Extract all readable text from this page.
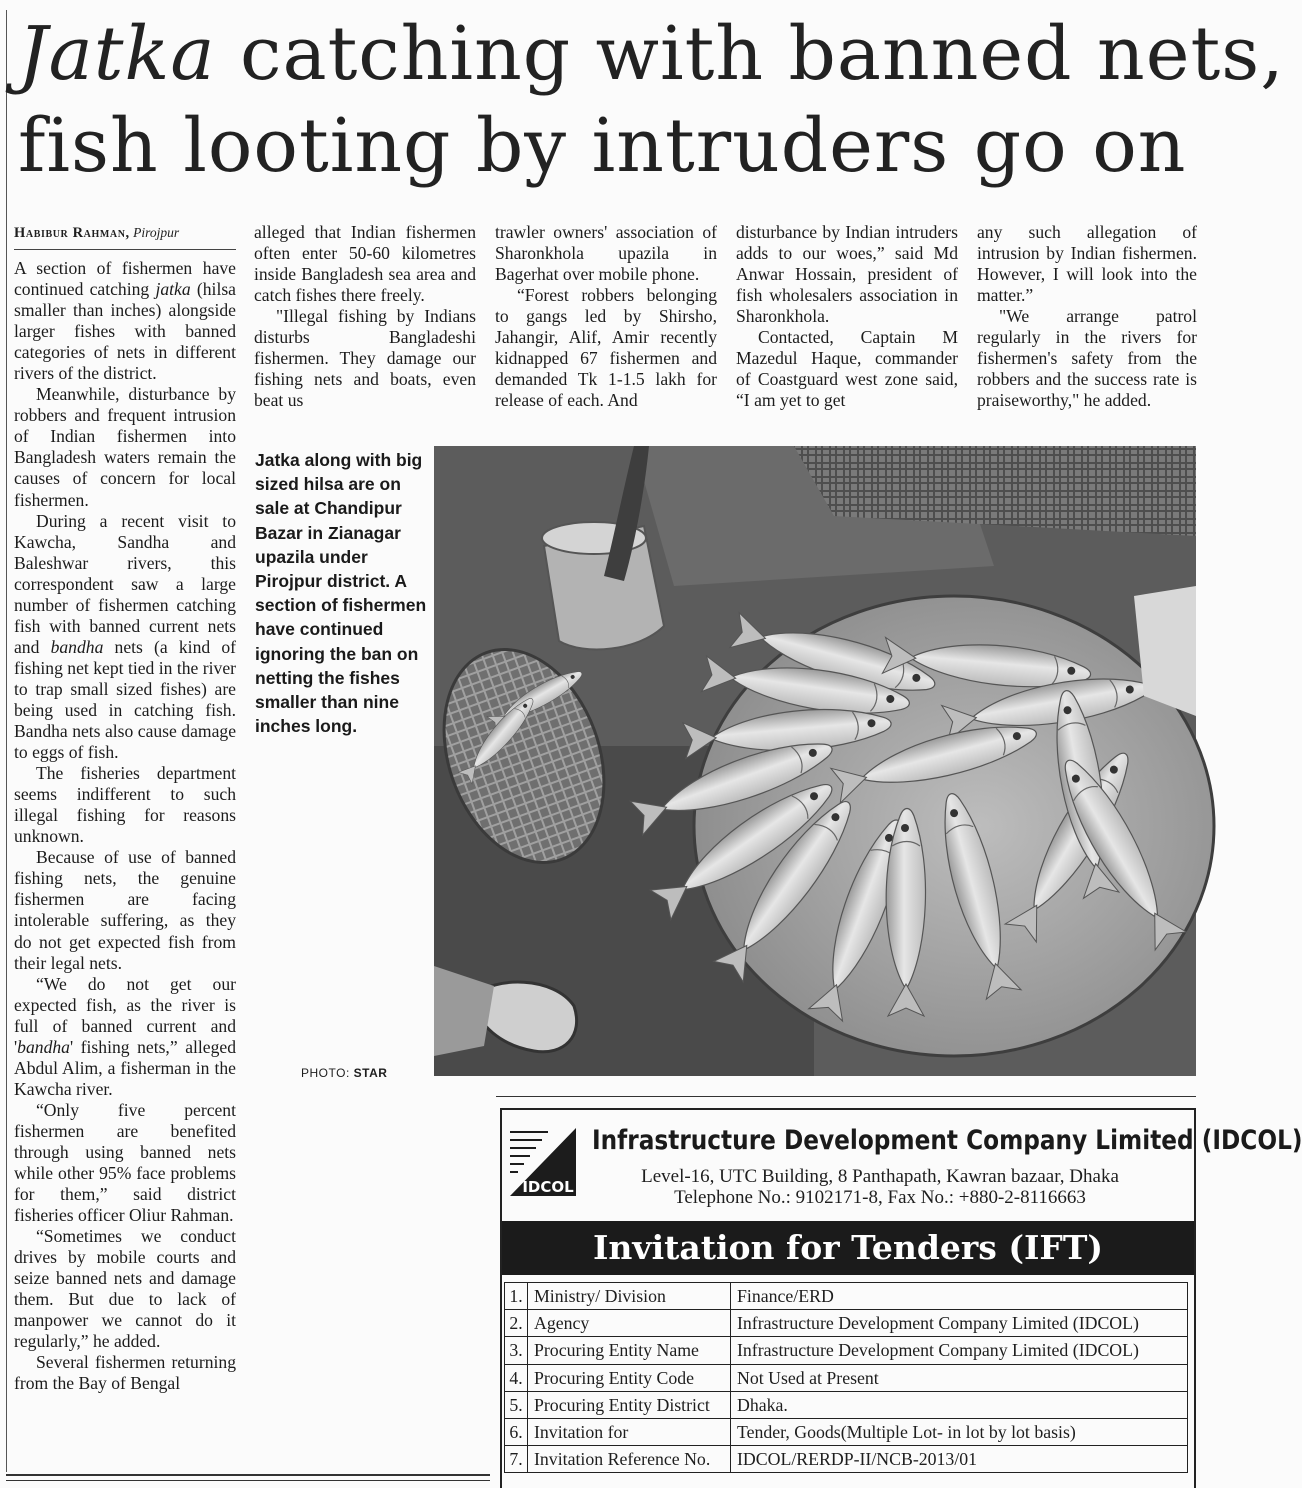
Jatka catching with banned nets,
fish looting by intruders go on
Habibur Rahman, Pirojpur

A section of fishermen have continued catching jatka (hilsa smaller than inches) alongside larger fishes with banned categories of nets in different rivers of the district.

Meanwhile, disturbance by robbers and frequent intrusion of Indian fishermen into Bangladesh waters remain the causes of concern for local fishermen.

During a recent visit to Kawcha, Sandha and Baleshwar rivers, this correspondent saw a large number of fishermen catching fish with banned current nets and bandha nets (a kind of fishing net kept tied in the river to trap small sized fishes) are being used in catching fish. Bandha nets also cause damage to eggs of fish.

The fisheries department seems indifferent to such illegal fishing for reasons unknown.

Because of use of banned fishing nets, the genuine fishermen are facing intolerable suffering, as they do not get expected fish from their legal nets.

“We do not get our expected fish, as the river is full of banned current and 'bandha' fishing nets,” alleged Abdul Alim, a fisherman in the Kawcha river.

“Only five percent fishermen are benefited through using banned nets while other 95% face problems for them,” said district fisheries officer Oliur Rahman.

“Sometimes we conduct drives by mobile courts and seize banned nets and damage them. But due to lack of manpower we cannot do it regularly,” he added.

Several fishermen returning from the Bay of Bengal

alleged that Indian fishermen often enter 50-60 kilometres inside Bangladesh sea area and catch fishes there freely.

"Illegal fishing by Indians disturbs Bangladeshi fishermen. They damage our fishing nets and boats, even beat us

trawler owners' association of Sharonkhola upazila in Bagerhat over mobile phone.

“Forest robbers belonging to gangs led by Shirsho, Jahangir, Alif, Amir recently kidnapped 67 fishermen and demanded Tk 1-1.5 lakh for release of each. And

disturbance by Indian intruders adds to our woes,” said Md Anwar Hossain, president of fish wholesalers association in Sharonkhola.

Contacted, Captain M Mazedul Haque, commander of Coastguard west zone said, “I am yet to get

any such allegation of intrusion by Indian fishermen. However, I will look into the matter.”

"We arrange patrol regularly in the rivers for fishermen's safety from the robbers and the success rate is praiseworthy," he added.

Jatka along with big sized hilsa are on sale at Chandipur Bazar in Zianagar upazila under Pirojpur district. A section of fishermen have continued ignoring the ban on netting the fishes smaller than nine inches long.
PHOTO: STAR
IDCOL
Infrastructure Development Company Limited (IDCOL)
Level-16, UTC Building, 8 Panthapath, Kawran bazaar, Dhaka
Telephone No.: 9102171-8, Fax No.: +880-2-8116663
Invitation for Tenders (IFT)
1.	Ministry/ Division	Finance/ERD
2.	Agency	Infrastructure Development Company Limited (IDCOL)
3.	Procuring Entity Name	Infrastructure Development Company Limited (IDCOL)
4.	Procuring Entity Code	Not Used at Present
5.	Procuring Entity District	Dhaka.
6.	Invitation for	Tender, Goods(Multiple Lot- in lot by lot basis)
7.	Invitation Reference No.	IDCOL/RERDP-II/NCB-2013/01
